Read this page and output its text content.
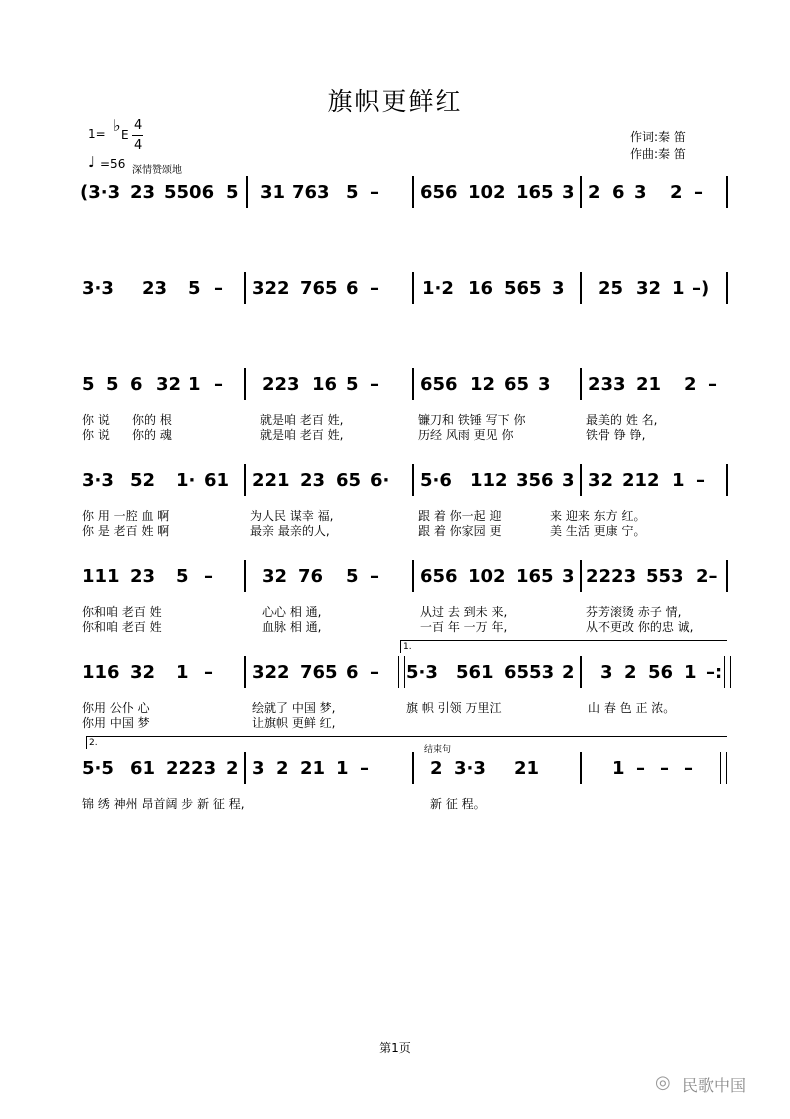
旗帜更鲜红
1= ♭ E
4
4
♩ =56 深情赞颂地
作词:秦 笛
作曲:秦 笛
(3·3 23 5506 5 31 763 5 – 656 102 165 3 2 6 3 2 –
3·3 23 5 – 322 765 6 – 1·2 16 565 3 25 32 1 –)
5 5 6 32 1 – 223 16 5 – 656 12 65 3 233 21 2 –
你 说 你的 根	就是咱 老百 姓,	镰刀和 铁锤 写下 你	最美的 姓 名,
你 说 你的 魂	就是咱 老百 姓,	历经 风雨 更见 你	铁骨 铮 铮,
3·3 52 1· 61 221 23 65 6· 5·6 112 356 3 32 212 1 –
你 用 一腔 血 啊	为人民 谋幸 福,	跟 着 你一起 迎	来 迎来 东方 红。
你 是 老百 姓 啊	最亲 最亲的人,	跟 着 你家园 更	美 生活 更康 宁。
111 23 5 –	32 76 5 – 656 102 165 3 2223 553 2–
你和咱 老百 姓	心心 相 通,	从过 去 到未 来,	芬芳滚烫 赤子 情,
你和咱 老百 姓	血脉 相 通,	一百 年 一万 年,	从不更改 你的忠 诚,
1.
116 32 1 – 322 765 6 – 5·3 561 6553 2 3 2 56 1 –:
你用 公仆 心	绘就了 中国 梦,	旗 帜 引领 万里江	山 春 色 正 浓。
你用 中国 梦	让旗帜 更鲜 红,
2.
结束句
5·5 61 2223 2 3 2 21 1 –	2 3·3 21	1 – – –
锦 绣 神州 昂首阔 步 新 征 程,	新 征 程。
第1页
◎ 民歌中国
